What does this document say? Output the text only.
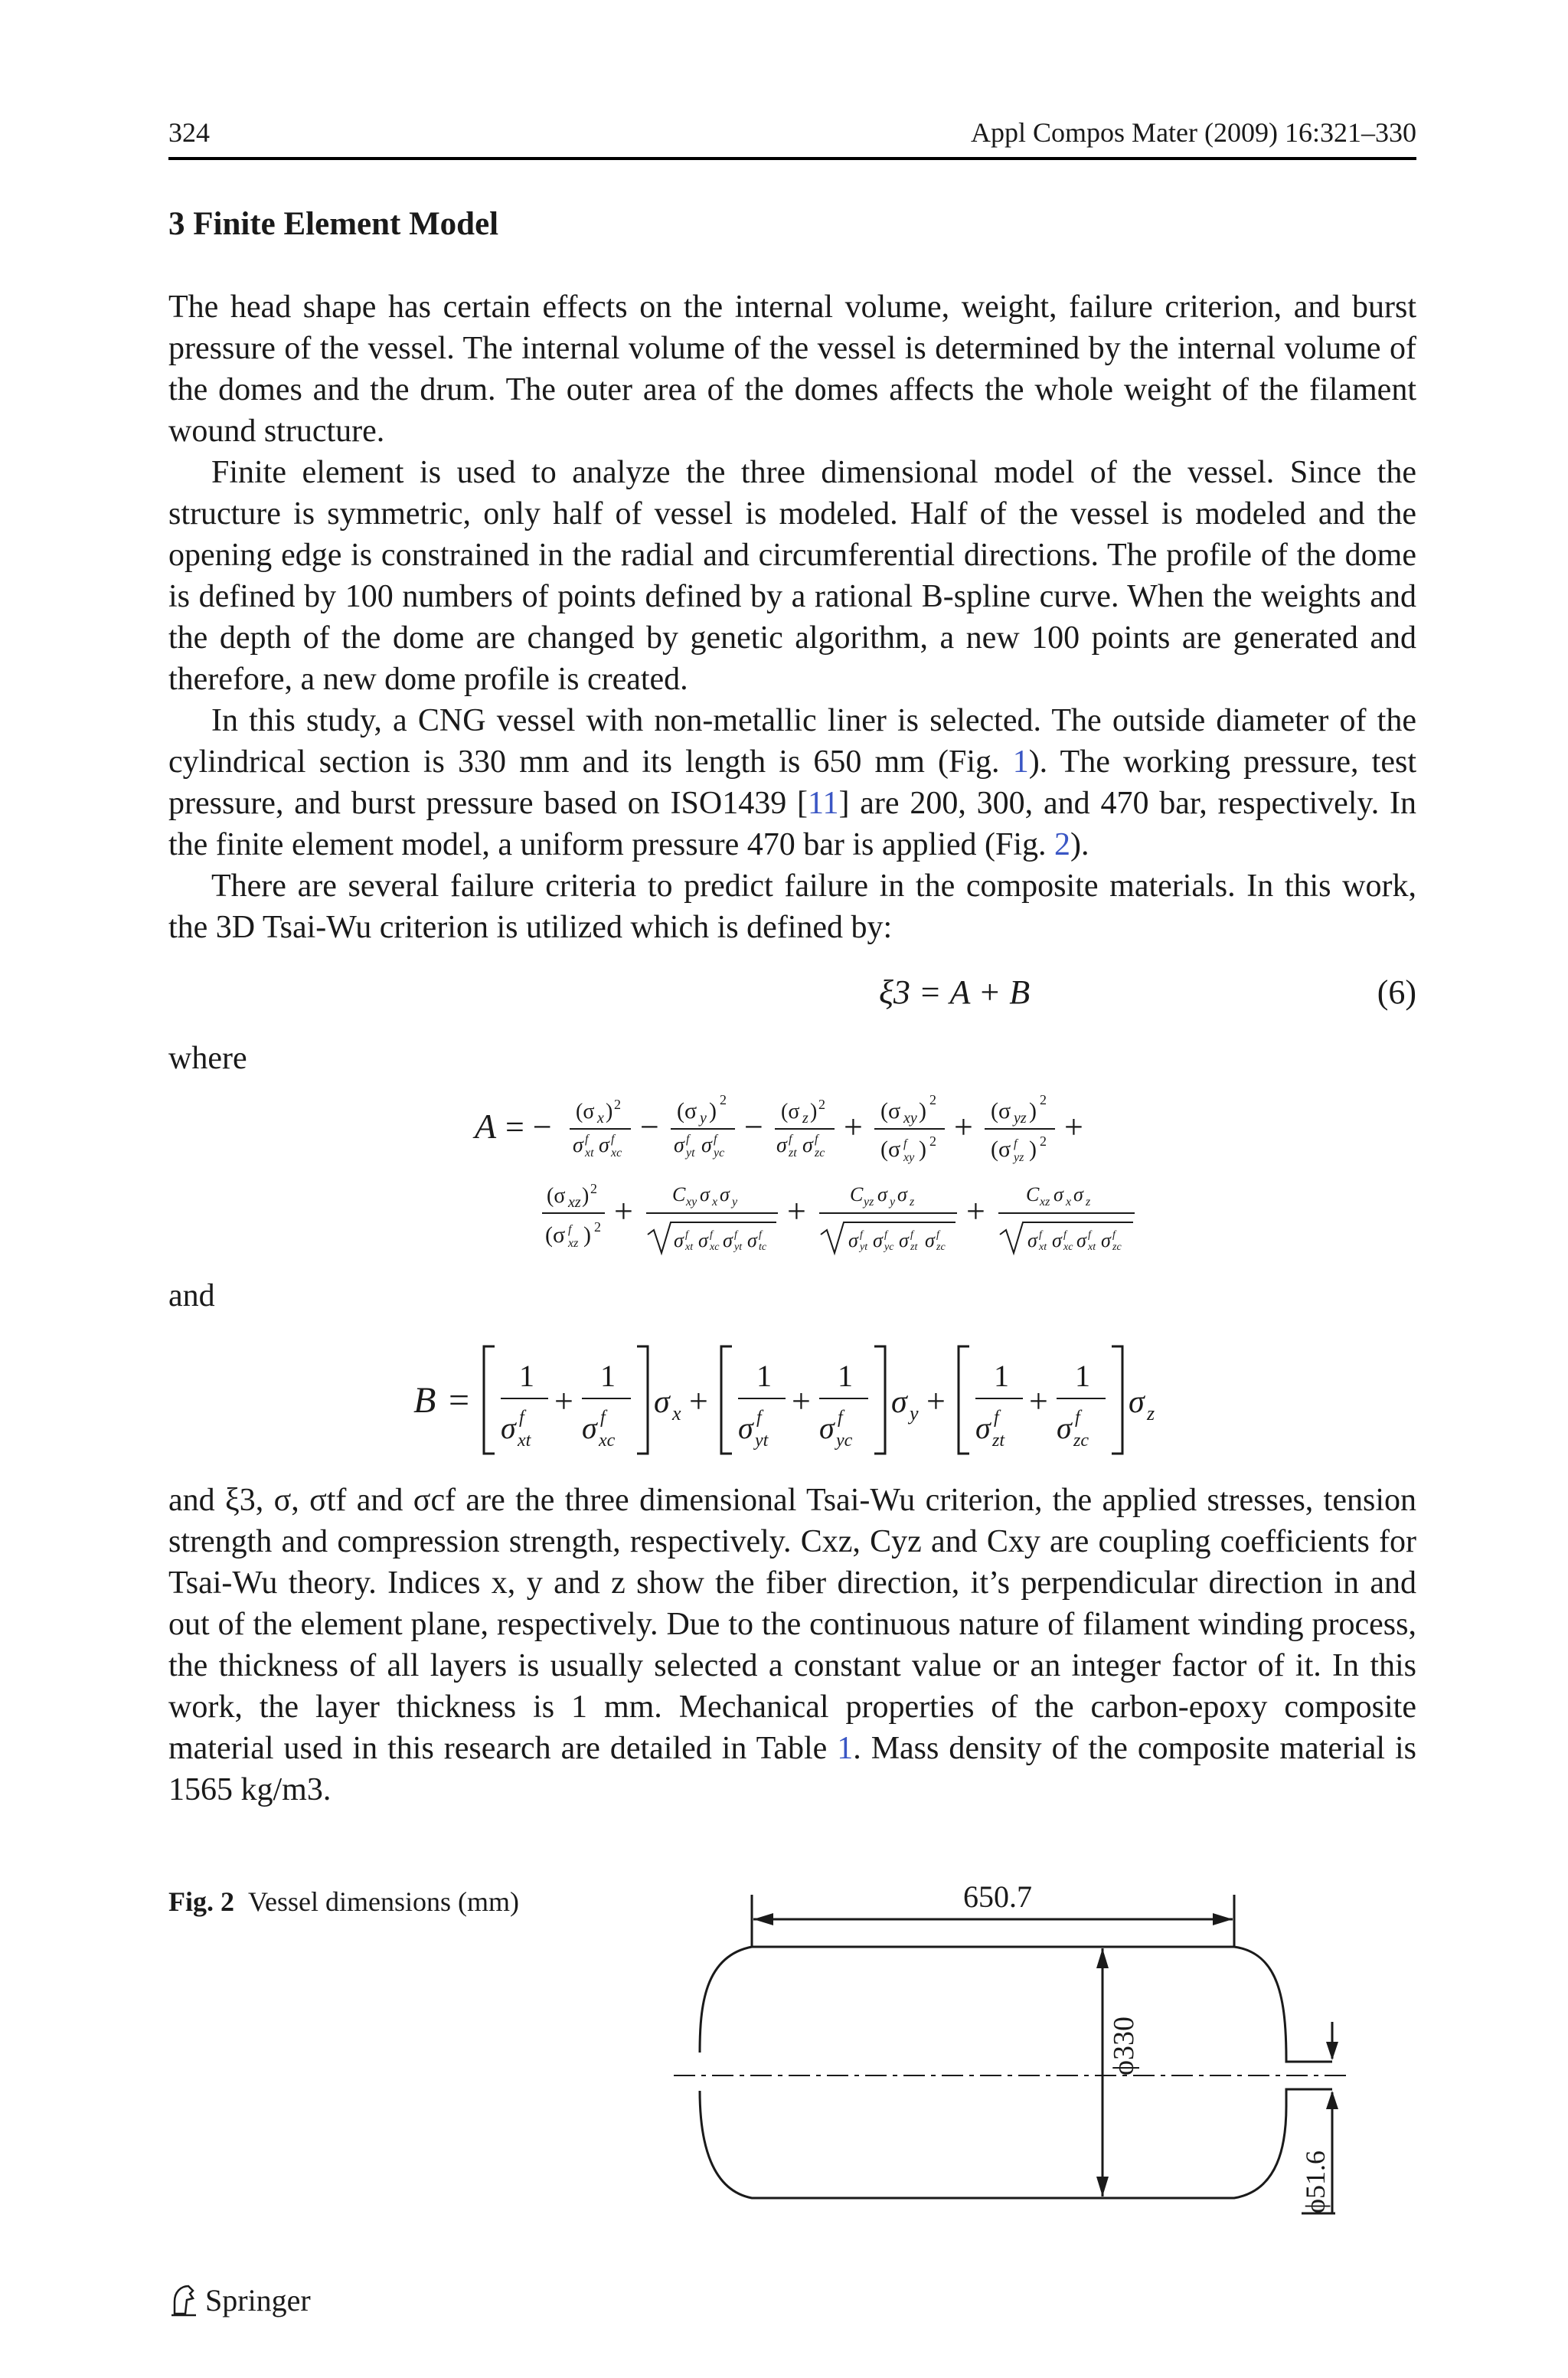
324	Appl Compos Mater (2009) 16:321–330
3 Finite Element Model

The head shape has certain effects on the internal volume, weight, failure criterion, and burst pressure of the vessel. The internal volume of the vessel is determined by the internal volume of the domes and the drum. The outer area of the domes affects the whole weight of the filament wound structure.

Finite element is used to analyze the three dimensional model of the vessel. Since the structure is symmetric, only half of vessel is modeled. Half of the vessel is modeled and the opening edge is constrained in the radial and circumferential directions. The profile of the dome is defined by 100 numbers of points defined by a rational B-spline curve. When the weights and the depth of the dome are changed by genetic algorithm, a new 100 points are generated and therefore, a new dome profile is created.

In this study, a CNG vessel with non-metallic liner is selected. The outside diameter of the cylindrical section is 330 mm and its length is 650 mm (Fig. 1). The working pressure, test pressure, and burst pressure based on ISO1439 [11] are 200, 300, and 470 bar, respectively. In the finite element model, a uniform pressure 470 bar is applied (Fig. 2).

There are several failure criteria to predict failure in the composite materials. In this work, the 3D Tsai-Wu criterion is utilized which is defined by:

ξ3 = A + B	(6)
where
A = − (σ x ) 2
σ f
xt σ f
xc
− (σ y ) 2
σ f
yt σ f
yc
− (σ z ) 2
σ f
zt σ f
zc
+ (σ xy ) 2
(σ f
xy ) 2 + (σ yz ) 2
(σ f
yz ) 2 +
(σ xz ) 2
(σ f
xz ) 2 + C xy σ x σ y
σ f
xt σ f
xc σ f
yt σ f
tc
+ C yz σ y σ z
σ f
yt σ f
yc σ f
zt σ f
zc
+ C xz σ x σ z
σ f
xt σ f
xc σ f
xt σ f
zc
and
B =
1
σ f
xt
+
1
σ f
xc
σ x +
1
σ f
yt
+
1
σ f
yc
σ y +
1
σ f
zt
+
1
σ f
zc
σ z

and ξ3, σ, σtf and σcf are the three dimensional Tsai-Wu criterion, the applied stresses, tension strength and compression strength, respectively. Cxz, Cyz and Cxy are coupling coefficients for Tsai-Wu theory. Indices x, y and z show the fiber direction, it’s perpendicular direction in and out of the element plane, respectively. Due to the continuous nature of filament winding process, the thickness of all layers is usually selected a constant value or an integer factor of it. In this work, the layer thickness is 1 mm. Mechanical properties of the carbon-epoxy composite material used in this research are detailed in Table 1. Mass density of the composite material is 1565 kg/m3.

Fig. 2 Vessel dimensions (mm)	650.7
ϕ330
ϕ51.6
Springer
